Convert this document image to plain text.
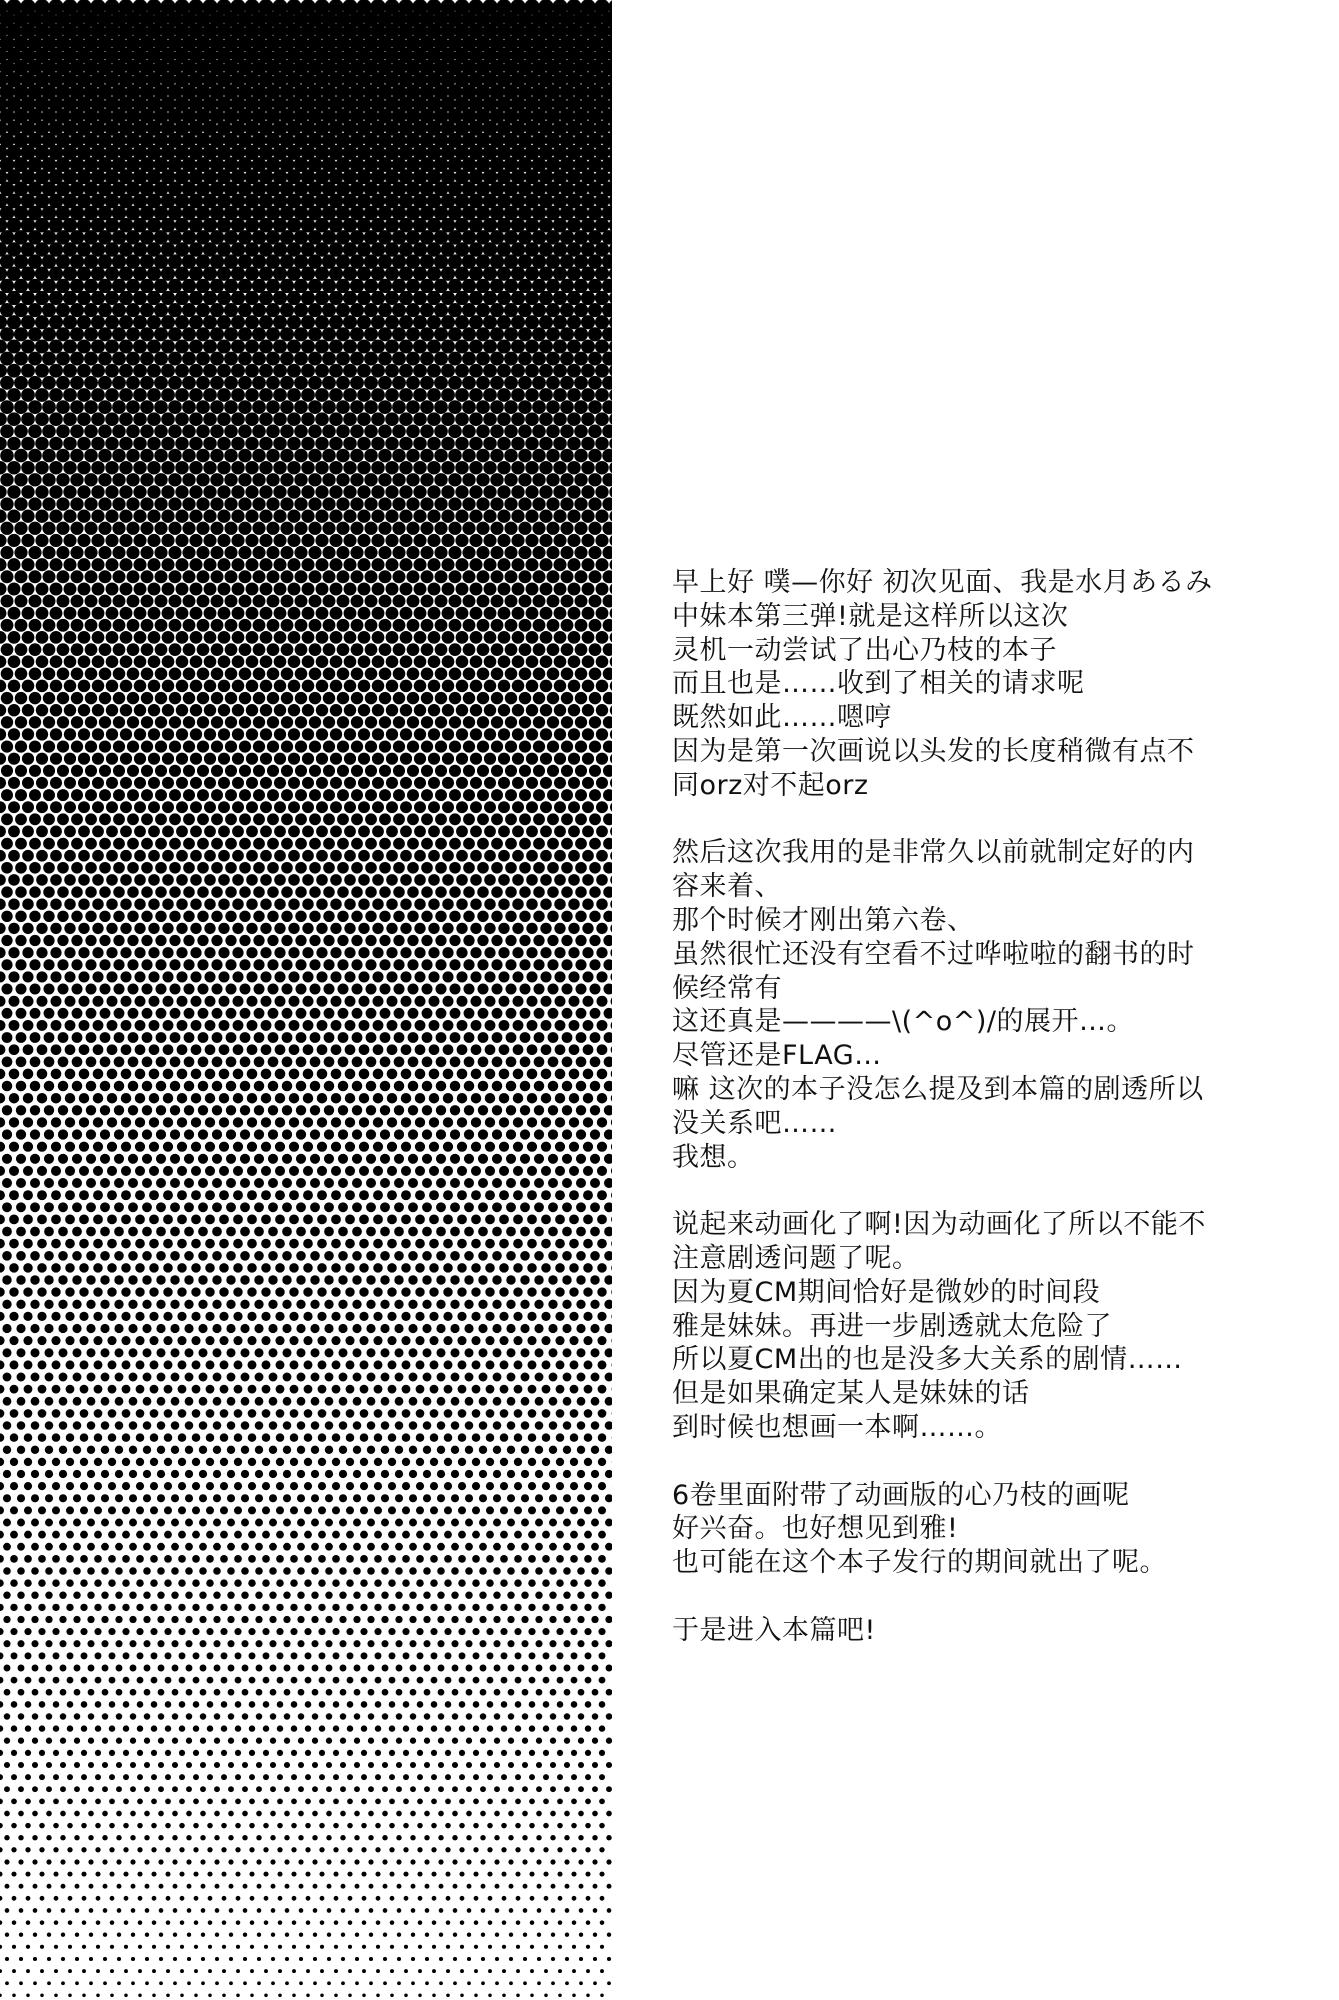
早上好 噗—你好 初次见面、我是水月あるみ
中妹本第三弹!就是这样所以这次
灵机一动尝试了出心乃枝的本子
而且也是……收到了相关的请求呢
既然如此……嗯哼
因为是第一次画说以头发的长度稍微有点不
同orz对不起orz
然后这次我用的是非常久以前就制定好的内
容来着、
那个时候才刚出第六卷、
虽然很忙还没有空看不过哗啦啦的翻书的时
候经常有
这还真是————\(^o^)/的展开…。
尽管还是FLAG…
嘛 这次的本子没怎么提及到本篇的剧透所以
没关系吧……
我想。
说起来动画化了啊!因为动画化了所以不能不
注意剧透问题了呢。
因为夏CM期间恰好是微妙的时间段
雅是妹妹。再进一步剧透就太危险了
所以夏CM出的也是没多大关系的剧情……
但是如果确定某人是妹妹的话
到时候也想画一本啊……。
6卷里面附带了动画版的心乃枝的画呢
好兴奋。也好想见到雅!
也可能在这个本子发行的期间就出了呢。
于是进入本篇吧!
